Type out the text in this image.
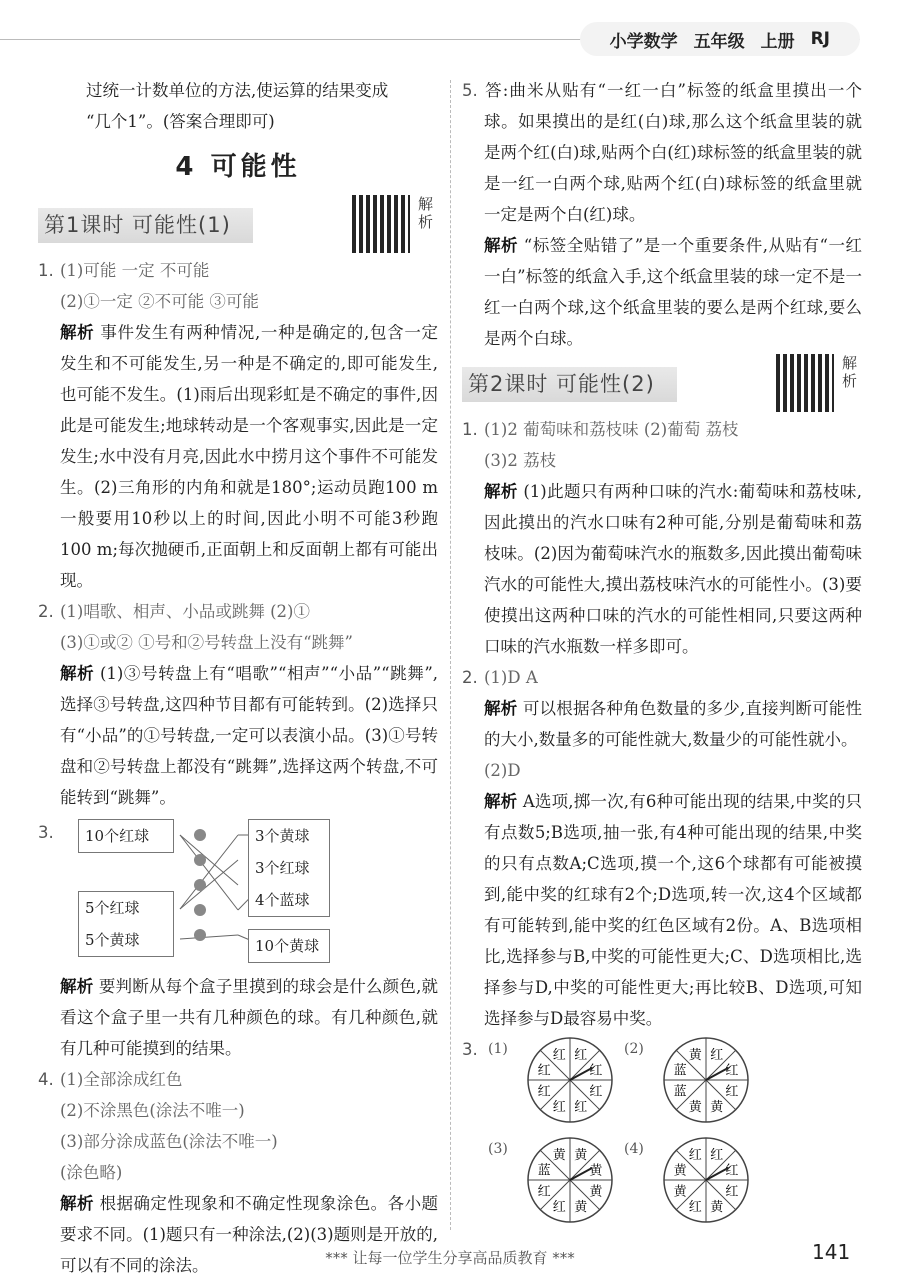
小学数学 五年级 上册 RJ

过统一计数单位的方法,使运算的结果变成

“几个1”。(答案合理即可)

4 可能性
第1课时 可能性(1)
解析

1. (1)可能 一定 不可能

(2)①一定 ②不可能 ③可能

解析 事件发生有两种情况,一种是确定的,包含一定发生和不可能发生,另一种是不确定的,即可能发生,也可能不发生。(1)雨后出现彩虹是不确定的事件,因此是可能发生;地球转动是一个客观事实,因此是一定发生;水中没有月亮,因此水中捞月这个事件不可能发生。(2)三角形的内角和就是180°;运动员跑100 m一般要用10秒以上的时间,因此小明不可能3秒跑100 m;每次抛硬币,正面朝上和反面朝上都有可能出现。

2. (1)唱歌、相声、小品或跳舞 (2)①

(3)①或② ①号和②号转盘上没有“跳舞”

解析 (1)③号转盘上有“唱歌”“相声”“小品”“跳舞”,选择③号转盘,这四种节目都有可能转到。(2)选择只有“小品”的①号转盘,一定可以表演小品。(3)①号转盘和②号转盘上都没有“跳舞”,选择这两个转盘,不可能转到“跳舞”。

3.	10个红球
5个红球
5个黄球
3个黄球
3个红球
4个蓝球
10个黄球

解析 要判断从每个盒子里摸到的球会是什么颜色,就看这个盒子里一共有几种颜色的球。有几种颜色,就有几种可能摸到的结果。

4. (1)全部涂成红色

(2)不涂黑色(涂法不唯一)

(3)部分涂成蓝色(涂法不唯一)

(涂色略)

解析 根据确定性现象和不确定性现象涂色。各小题要求不同。(1)题只有一种涂法,(2)(3)题则是开放的,可以有不同的涂法。

5. 答:曲米从贴有“一红一白”标签的纸盒里摸出一个球。如果摸出的是红(白)球,那么这个纸盒里装的就是两个红(白)球,贴两个白(红)球标签的纸盒里装的就是一红一白两个球,贴两个红(白)球标签的纸盒里就一定是两个白(红)球。

解析 “标签全贴错了”是一个重要条件,从贴有“一红一白”标签的纸盒入手,这个纸盒里装的球一定不是一红一白两个球,这个纸盒里装的要么是两个红球,要么是两个白球。

第2课时 可能性(2)
解析

1. (1)2 葡萄味和荔枝味 (2)葡萄 荔枝

(3)2 荔枝

解析 (1)此题只有两种口味的汽水:葡萄味和荔枝味,因此摸出的汽水口味有2种可能,分别是葡萄味和荔枝味。(2)因为葡萄味汽水的瓶数多,因此摸出葡萄味汽水的可能性大,摸出荔枝味汽水的可能性小。(3)要使摸出这两种口味的汽水的可能性相同,只要这两种口味的汽水瓶数一样多即可。

2. (1)D A

解析 可以根据各种角色数量的多少,直接判断可能性的大小,数量多的可能性就大,数量少的可能性就小。

(2)D

解析 A选项,掷一次,有6种可能出现的结果,中奖的只有点数5;B选项,抽一张,有4种可能出现的结果,中奖的只有点数A;C选项,摸一个,这6个球都有可能被摸到,能中奖的红球有2个;D选项,转一次,这4个区域都有可能转到,能中奖的红色区域有2份。A、B选项相比,选择参与B,中奖的可能性更大;C、D选项相比,选择参与D,中奖的可能性更大;再比较B、D选项,可知选择参与D最容易中奖。

3. (1)	(2)
(3)	(4)
红
红
红
红
红
红
红
红	红
红
红
黄
黄
蓝
蓝
黄
黄
黄
黄
黄
红
红
蓝
黄	红
红
红
黄
红
黄
黄
红
*** 让每一位学生分享高品质教育 ***	141
